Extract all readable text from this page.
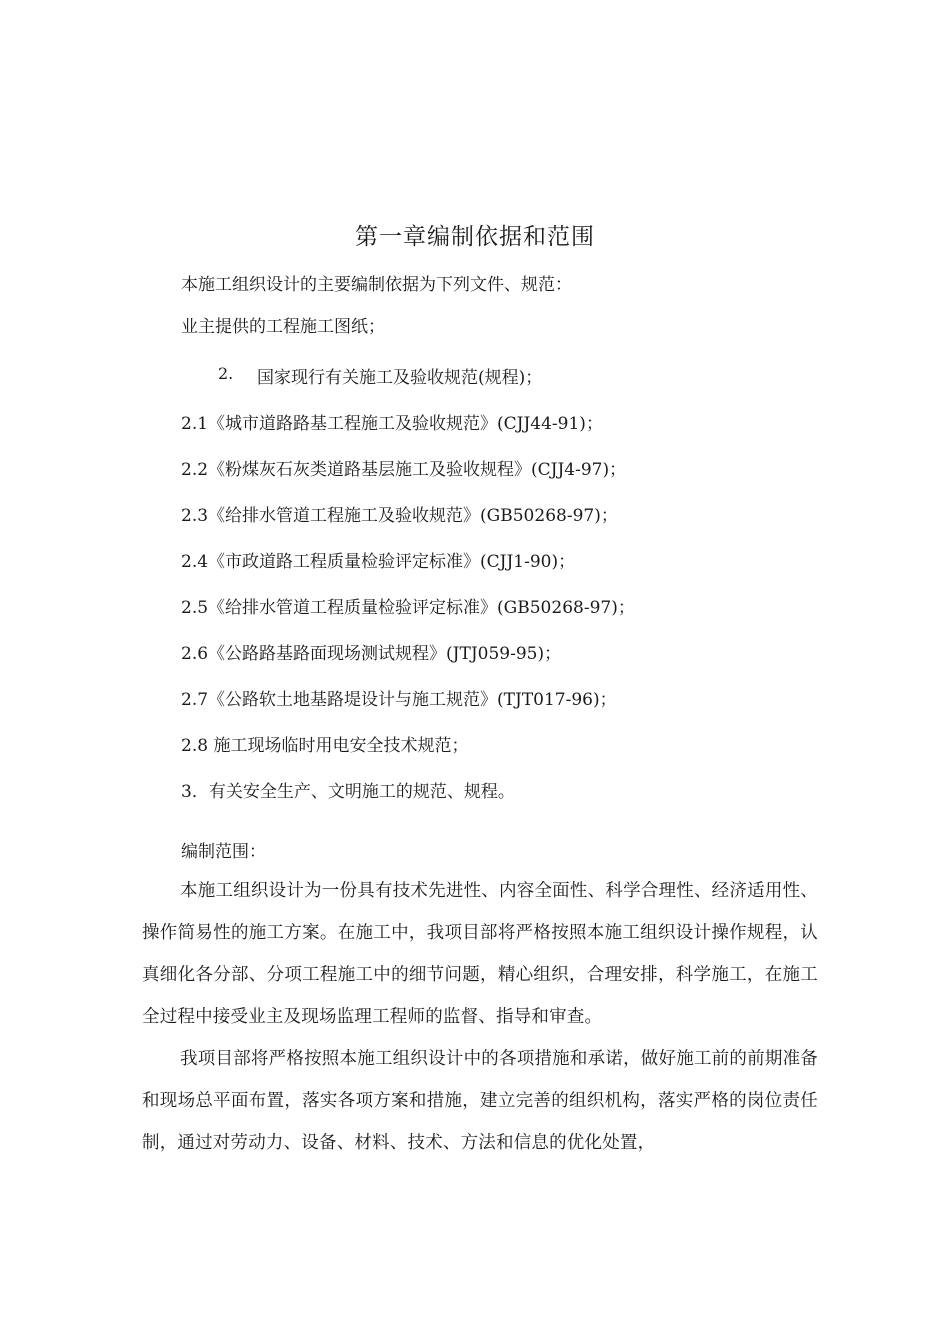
第一章编制依据和范围
本施工组织设计的主要编制依据为下列文件、规范：
业主提供的工程施工图纸；
2. 国家现行有关施工及验收规范(规程)；
2.1《城市道路路基工程施工及验收规范》(CJJ44-91)；
2.2《粉煤灰石灰类道路基层施工及验收规程》(CJJ4-97)；
2.3《给排水管道工程施工及验收规范》(GB50268-97)；
2.4《市政道路工程质量检验评定标准》(CJJ1-90)；
2.5《给排水管道工程质量检验评定标准》(GB50268-97)；
2.6《公路路基路面现场测试规程》(JTJ059-95)；
2.7《公路软土地基路堤设计与施工规范》(TJT017-96)；
2.8 施工现场临时用电安全技术规范；
3．有关安全生产、文明施工的规范、规程。
编制范围：
本施工组织设计为一份具有技术先进性、内容全面性、科学合理性、经济适用性、操作简易性的施工方案。在施工中，我项目部将严格按照本施工组织设计操作规程，认真细化各分部、分项工程施工中的细节问题，精心组织，合理安排，科学施工，在施工全过程中接受业主及现场监理工程师的监督、指导和审查。
我项目部将严格按照本施工组织设计中的各项措施和承诺，做好施工前的前期准备和现场总平面布置，落实各项方案和措施，建立完善的组织机构，落实严格的岗位责任制，通过对劳动力、设备、材料、技术、方法和信息的优化处置，
